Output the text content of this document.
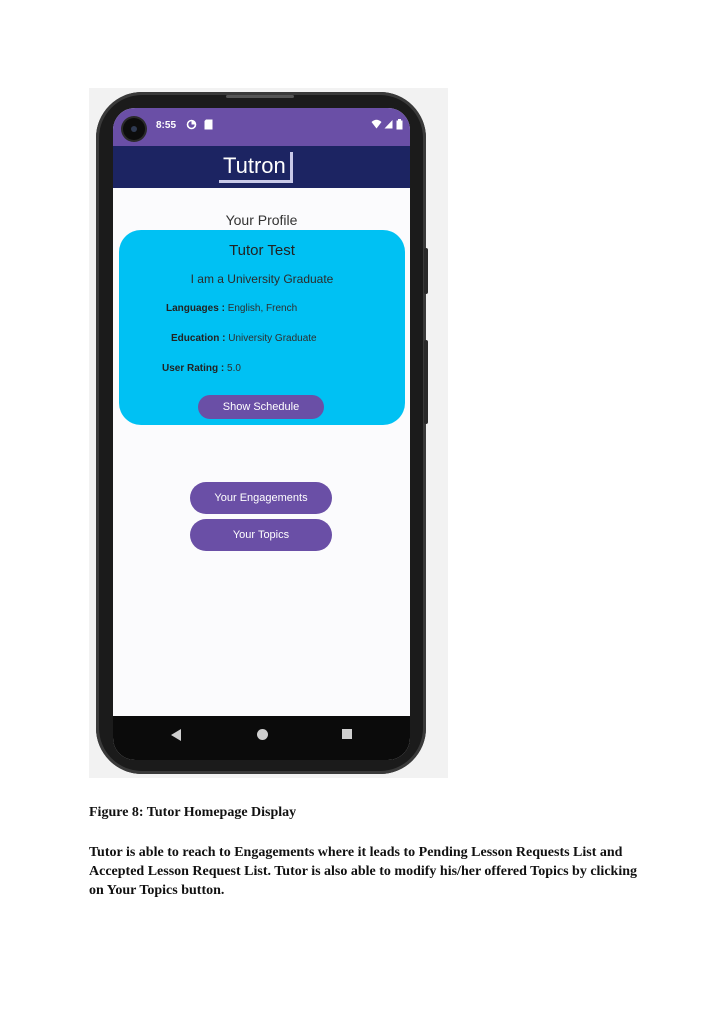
8:55
Tutron
Your Profile
Tutor Test
I am a University Graduate
Languages : English, French
Education : University Graduate
User Rating : 5.0
Show Schedule
Your Engagements
Your Topics
Figure 8: Tutor Homepage Display
Tutor is able to reach to Engagements where it leads to Pending Lesson Requests List and Accepted Lesson Request List. Tutor is also able to modify his/her offered Topics by clicking on Your Topics button.
